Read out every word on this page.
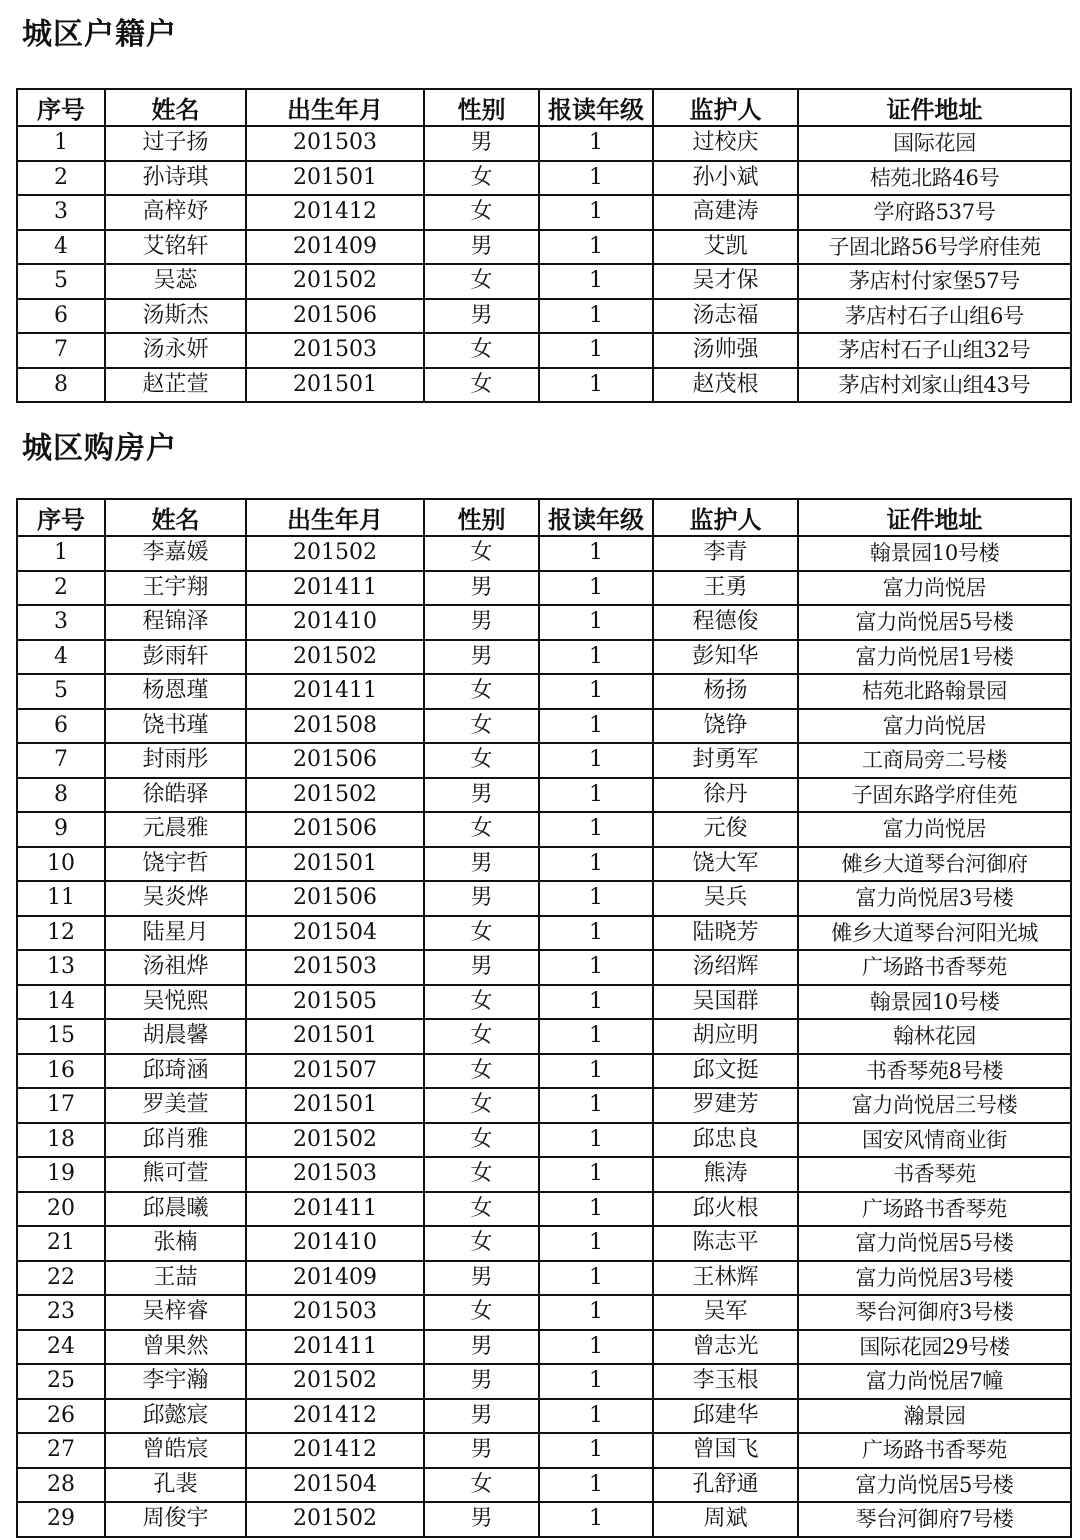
城区户籍户
序号	姓名	出生年月	性别	报读年级	监护人	证件地址
1	过子扬	201503	男	1	过校庆	国际花园
2	孙诗琪	201501	女	1	孙小斌	桔苑北路46号
3	高梓妤	201412	女	1	高建涛	学府路537号
4	艾铭轩	201409	男	1	艾凯	子固北路56号学府佳苑
5	吴蕊	201502	女	1	吴才保	茅店村付家堡57号
6	汤斯杰	201506	男	1	汤志福	茅店村石子山组6号
7	汤永妍	201503	女	1	汤帅强	茅店村石子山组32号
8	赵芷萱	201501	女	1	赵茂根	茅店村刘家山组43号
城区购房户
序号	姓名	出生年月	性别	报读年级	监护人	证件地址
1	李嘉媛	201502	女	1	李青	翰景园10号楼
2	王宇翔	201411	男	1	王勇	富力尚悦居
3	程锦泽	201410	男	1	程德俊	富力尚悦居5号楼
4	彭雨轩	201502	男	1	彭知华	富力尚悦居1号楼
5	杨恩瑾	201411	女	1	杨扬	桔苑北路翰景园
6	饶书瑾	201508	女	1	饶铮	富力尚悦居
7	封雨彤	201506	女	1	封勇军	工商局旁二号楼
8	徐皓驿	201502	男	1	徐丹	子固东路学府佳苑
9	元晨雅	201506	女	1	元俊	富力尚悦居
10	饶宇哲	201501	男	1	饶大军	傩乡大道琴台河御府
11	吴炎烨	201506	男	1	吴兵	富力尚悦居3号楼
12	陆星月	201504	女	1	陆晓芳	傩乡大道琴台河阳光城
13	汤祖烨	201503	男	1	汤绍辉	广场路书香琴苑
14	吴悦熙	201505	女	1	吴国群	翰景园10号楼
15	胡晨馨	201501	女	1	胡应明	翰林花园
16	邱琦涵	201507	女	1	邱文挺	书香琴苑8号楼
17	罗美萱	201501	女	1	罗建芳	富力尚悦居三号楼
18	邱肖雅	201502	女	1	邱忠良	国安风情商业街
19	熊可萱	201503	女	1	熊涛	书香琴苑
20	邱晨曦	201411	女	1	邱火根	广场路书香琴苑
21	张楠	201410	女	1	陈志平	富力尚悦居5号楼
22	王喆	201409	男	1	王林辉	富力尚悦居3号楼
23	吴梓睿	201503	女	1	吴军	琴台河御府3号楼
24	曾果然	201411	男	1	曾志光	国际花园29号楼
25	李宇瀚	201502	男	1	李玉根	富力尚悦居7幢
26	邱懿宸	201412	男	1	邱建华	瀚景园
27	曾皓宸	201412	男	1	曾国飞	广场路书香琴苑
28	孔裴	201504	女	1	孔舒通	富力尚悦居5号楼
29	周俊宇	201502	男	1	周斌	琴台河御府7号楼
